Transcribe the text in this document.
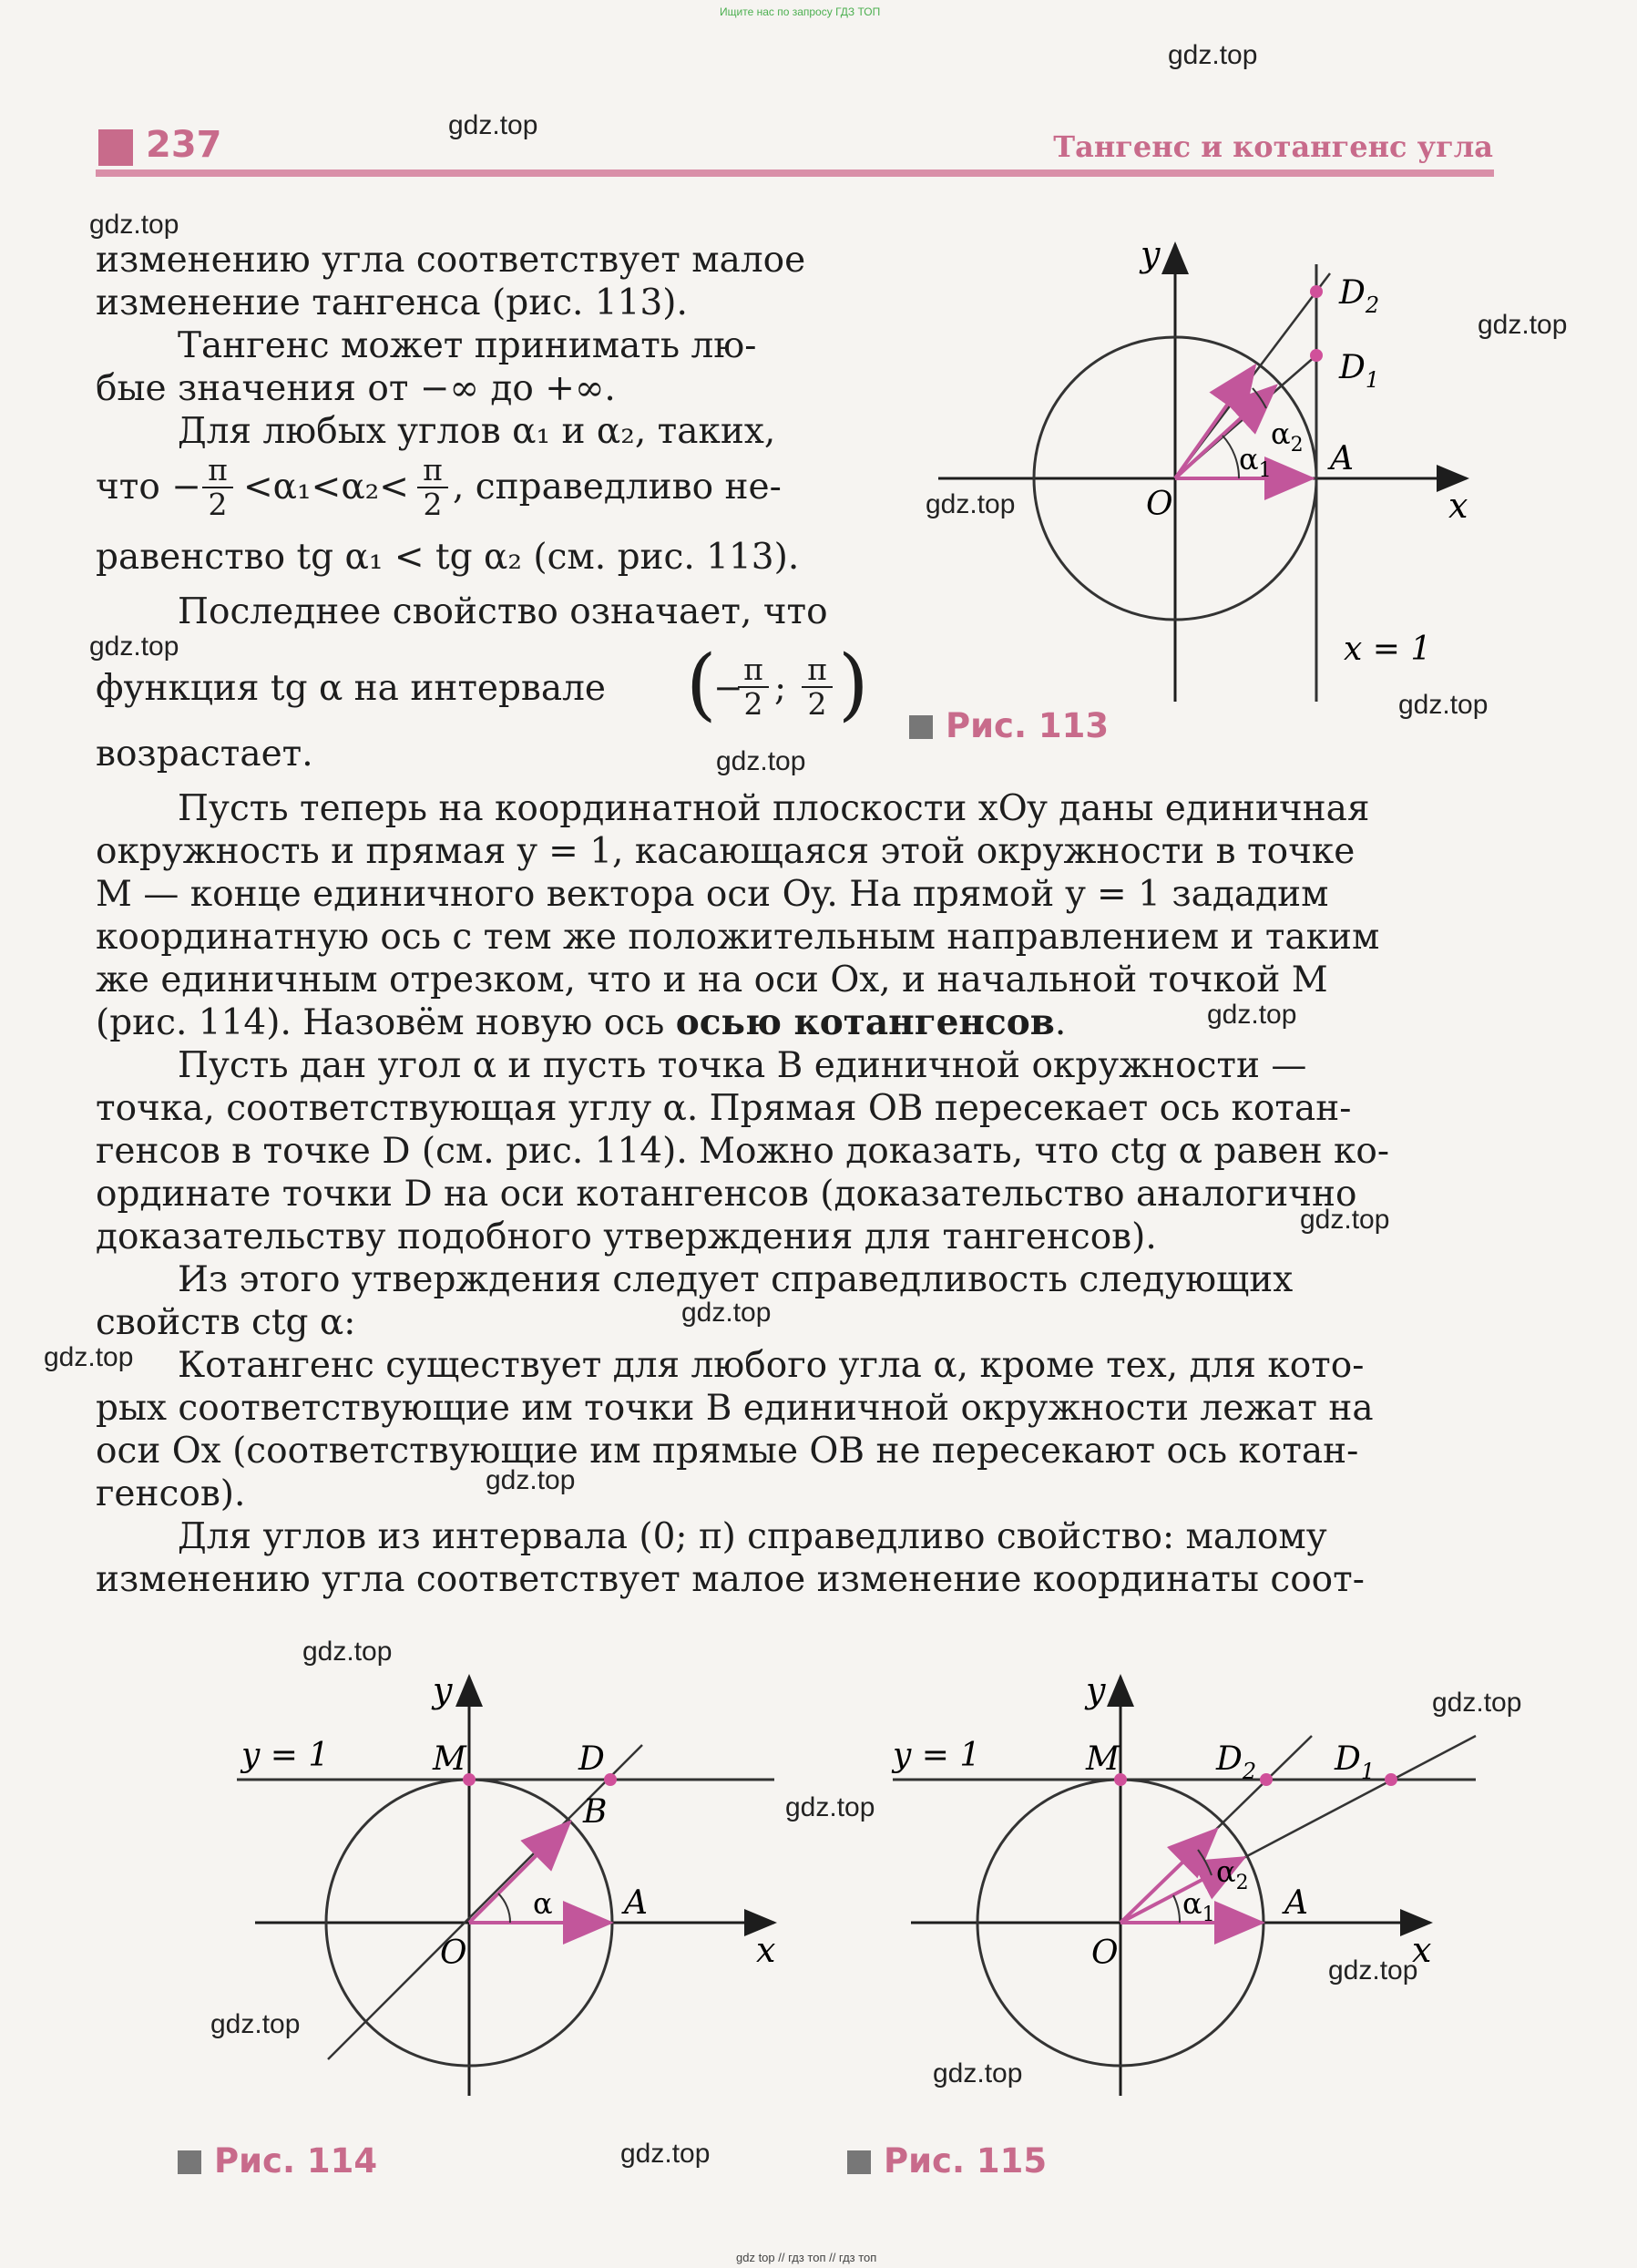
Ищите нас по запросу ГДЗ ТОП
gdz top // гдз топ // гдз топ
237	Тангенс и котангенс угла
изменению угла соответствует малое
изменение тангенса (рис. 113).
Тангенс может принимать лю-
бые значения от −∞ до +∞.
Для любых углов α₁ и α₂, таких,
что − $\frac{\pi}{2} <\alpha_1<\alpha_2< \frac{\pi}{2}$ , справедливо не-
равенство tg α₁ < tg α₂ (см. рис. 113).
Последнее свойство означает, что
функция tg α на интервале (
−
$\frac{\pi}{2}$ ; $\frac{\pi}{2}$ )
возрастает.
Пусть теперь на координатной плоскости xOy даны единичная
окружность и прямая y = 1, касающаяся этой окружности в точке
M — конце единичного вектора оси Oy. На прямой y = 1 зададим
координатную ось с тем же положительным направлением и таким
же единичным отрезком, что и на оси Ox, и начальной точкой M
(рис. 114). Назовём новую ось осью котангенсов.
Пусть дан угол α и пусть точка B единичной окружности —
точка, соответствующая углу α. Прямая OB пересекает ось котан-
генсов в точке D (см. рис. 114). Можно доказать, что ctg α равен ко-
ординате точки D на оси котангенсов (доказательство аналогично
доказательству подобного утверждения для тангенсов).
Из этого утверждения следует справедливость следующих
свойств ctg α:
Котангенс существует для любого угла α, кроме тех, для кото-
рых соответствующие им точки B единичной окружности лежат на
оси Ox (соответствующие им прямые OB не пересекают ось котан-
генсов).
Для углов из интервала (0; π) справедливо свойство: малому
изменению угла соответствует малое изменение координаты соот-
y
x
O
A
$D_2$
$D_1$
$\alpha_1$
$\alpha_2$
x = 1
Рис. 113
y
x
O
A
M	D
B
α
y = 1
Рис. 114
y
x
O
A
M	$D_2$ $D_1$
$\alpha_1$
$\alpha_2$
y = 1
Рис. 115
gdz.top
gdz.top
gdz.top
gdz.top
gdz.top
gdz.top
gdz.top
gdz.top
gdz.top
gdz.top
gdz.top
gdz.top
gdz.top
gdz.top
gdz.top
gdz.top
gdz.top
gdz.top
gdz.top
gdz.top
